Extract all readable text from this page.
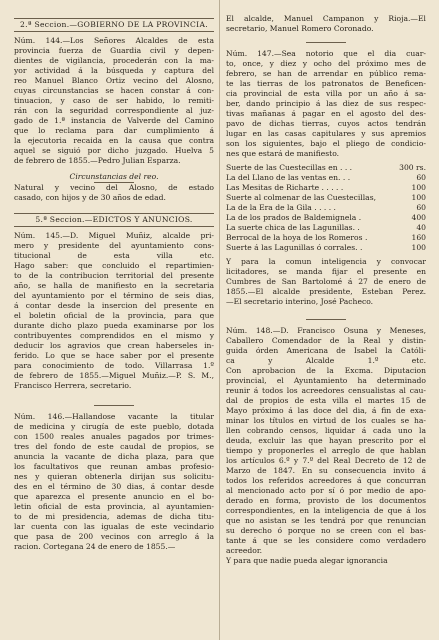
2.ª Seccion.—GOBIERNO DE LA PROVINCIA.

Núm. 144.—Los Señores Alcaldes de esta
provincia fuerza de Guardia civil y depen-
dientes de vigilancia, procederán con la ma-
yor actividad á la búsqueda y captura del
reo Manuel Blanco Ortiz vecino del Alosno,
cuyas circunstancias se hacen constar á con-
tinuacion, y caso de ser habido, lo remiti-
rán con la seguridad correspondiente al juz-
gado de 1.ª instancia de Valverde del Camino
que lo reclama para dar cumplimiento á
la ejecutoria recaida en la causa que contra
aquel se siguió por dicho juzgado. Huelva 5
de febrero de 1855.—Pedro Julian Esparza.

Circunstancias del reo.

Natural y vecino del Alosno, de estado
casado, con hijos y de 30 años de edad.

5.ª Seccion.—EDICTOS Y ANUNCIOS.

Núm. 145.—D. Miguel Muñiz, alcalde pri-
mero y presidente del ayuntamiento cons-
titucional de esta villa etc.
Hago saber: que concluido el repartimien-
to de la contribucion territorial del presente
año, se halla de manifiesto en la secretaria
del ayuntamiento por el término de seis dias,
á contar desde la insercion del presente en
el boletin oficial de la provincia, para que
durante dicho plazo pueda examinarse por los
contribuyentes comprendidos en el mismo y
deducir los agravios que crean haberseles in-
ferido. Lo que se hace saber por el presente
para conocimiento de todo. Villarrasa 1.º
de febrero de 1855.—Miguel Muñiz.—P. S. M.,
Francisco Herrera, secretario.
Núm. 146.—Hallandose vacante la titular
de medicina y cirugía de este pueblo, dotada
con 1500 reales anuales pagados por trimes-
tres del fondo de este caudal de propios, se
anuncia la vacante de dicha plaza, para que
los facultativos que reunan ambas profesio-
nes y quieran obtenerla dirijan sus solicitu-
des en el término de 30 dias, á contar desde
que aparezca el presente anuncio en el bo-
letin oficial de esta provincia, al ayuntamien-
to de mi presidencia, ademas de dicha titu-
lar cuenta con las igualas de este vecindario
que pasa de 200 vecinos con arreglo á la
racion. Cortegana 24 de enero de 1855.—
El alcalde, Manuel Campanon y Rioja.—El
secretario, Manuel Romero Coronado.
Núm. 147.—Sea notorio que el dia cuar-
to, once, y diez y ocho del próximo mes de
febrero, se han de arrendar en público rema-
te las tierras de los patronatos de Beneficen-
cia provincial de esta villa por un año á sa-
ber, dando principio á las diez de sus respec-
tivas mañanas á pagar en el agosto del des-
pavo de dichas tierras, cuyos actos tendrán
lugar en las casas capitulares y sus apremios
son los siguientes, bajo el pliego de condicio-
nes que estará de manifiesto.
Suerte de las Cuestecillas en . . .	300 rs.
La del Llano de las ventas en. . .	60
Las Mesitas de Richarte . . . . .	100
Suerte al colmenar de las Cuestecillas,	100
La de la Era de la Gila . . . . .	60
La de los prados de Baldemignela .	400
La suerte chica de las Lagunillas. .	40
Berrocal de la hoya de los Romeros .	160
Suerte á las Lagunillas ó corrales. .	100
Y para la comun inteligencia y convocar
licitadores, se manda fijar el presente en
Cumbres de San Bartolomé á 27 de enero de
1855.—El alcalde presidente, Esteban Perez.
—El secretario interino, José Pacheco.
Núm. 148.—D. Francisco Osuna y Meneses,
Caballero Comendador de la Real y distin-
guida órden Americana de Isabel la Católi-
ca y Alcalde 1.º etc.
Con aprobacion de la Excma. Diputacion
provincial, el Ayuntamiento ha determinado
reunir á todos los acreedores censualistas al cau-
dal de propios de esta villa el martes 15 de
Mayo próximo á las doce del dia, á fin de exa-
minar los títulos en virtud de los cuales se ha-
llen cobrando censos, liquidar á cada uno la
deuda, excluir las que hayan prescrito por el
tiempo y proponerles el arreglo de que hablan
los artículos 6.º y 7.º del Real Decreto de 12 de
Marzo de 1847. En su consecuencia invito á
todos los referidos acreedores á que concurran
al mencionado acto por sí ó por medio de apo-
derado en forma, provisto de los documentos
correspondientes, en la inteligencia de que á los
que no asistan se les tendrá por que renuncian
su derecho ó porque no se creen con el bas-
tante á que se les considere como verdadero
acreedor.
Y para que nadie pueda alegar ignorancia
